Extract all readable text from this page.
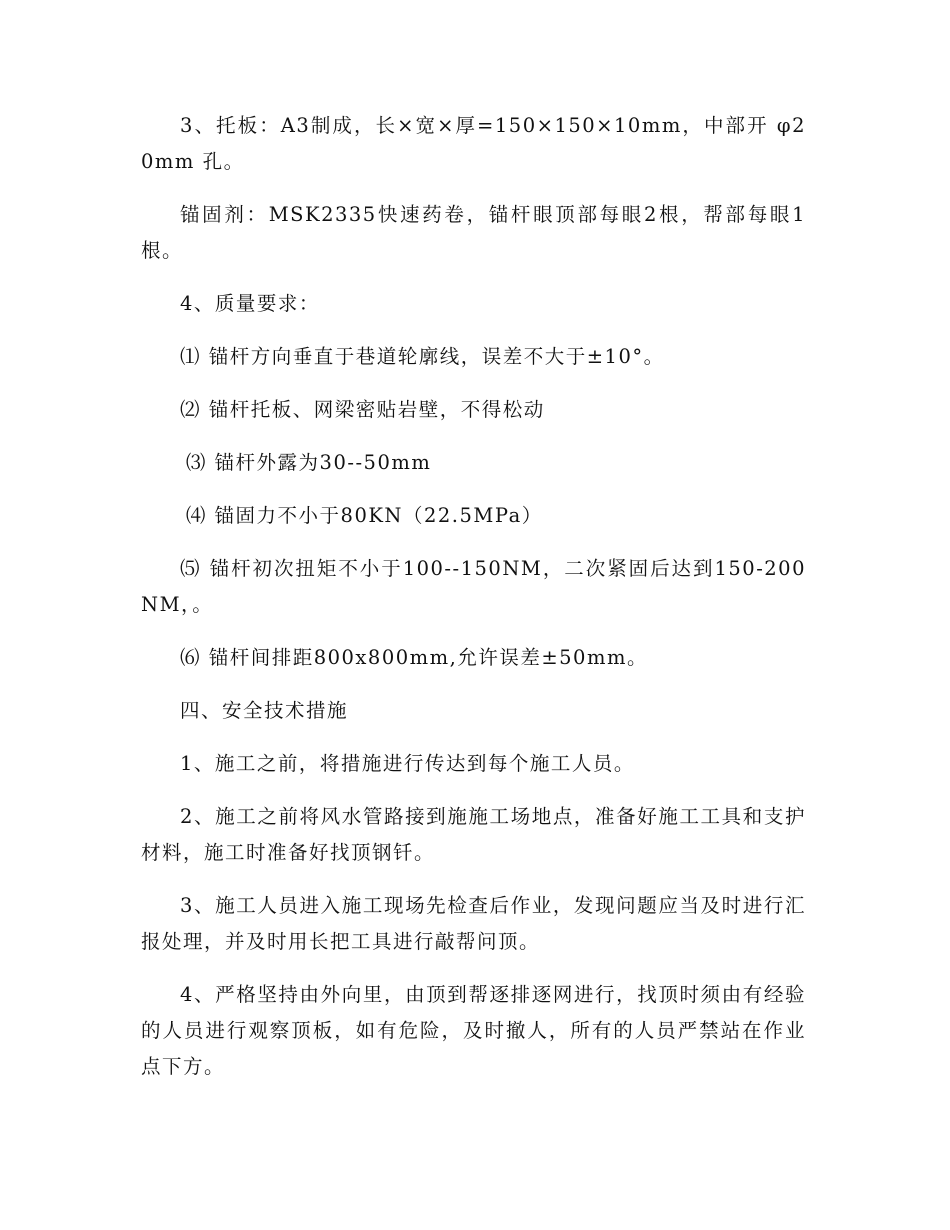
3、托板：A3制成，长×宽×厚=150×150×10mm，中部开 φ20mm 孔。

锚固剂：MSK2335快速药卷，锚杆眼顶部每眼2根，帮部每眼1根。

4、质量要求：

⑴ 锚杆方向垂直于巷道轮廓线，误差不大于±10°。

⑵ 锚杆托板、网梁密贴岩壁，不得松动

⑶ 锚杆外露为30--50mm

⑷ 锚固力不小于80KN（22.5MPa）

⑸ 锚杆初次扭矩不小于100--150NM，二次紧固后达到150-200NM，。

⑹ 锚杆间排距800x800mm,允许误差±50mm。

四、安全技术措施

1、施工之前，将措施进行传达到每个施工人员。

2、施工之前将风水管路接到施施工场地点，准备好施工工具和支护材料，施工时准备好找顶钢钎。

3、施工人员进入施工现场先检查后作业，发现问题应当及时进行汇报处理，并及时用长把工具进行敲帮问顶。

4、严格坚持由外向里，由顶到帮逐排逐网进行，找顶时须由有经验的人员进行观察顶板，如有危险，及时撤人，所有的人员严禁站在作业点下方。
